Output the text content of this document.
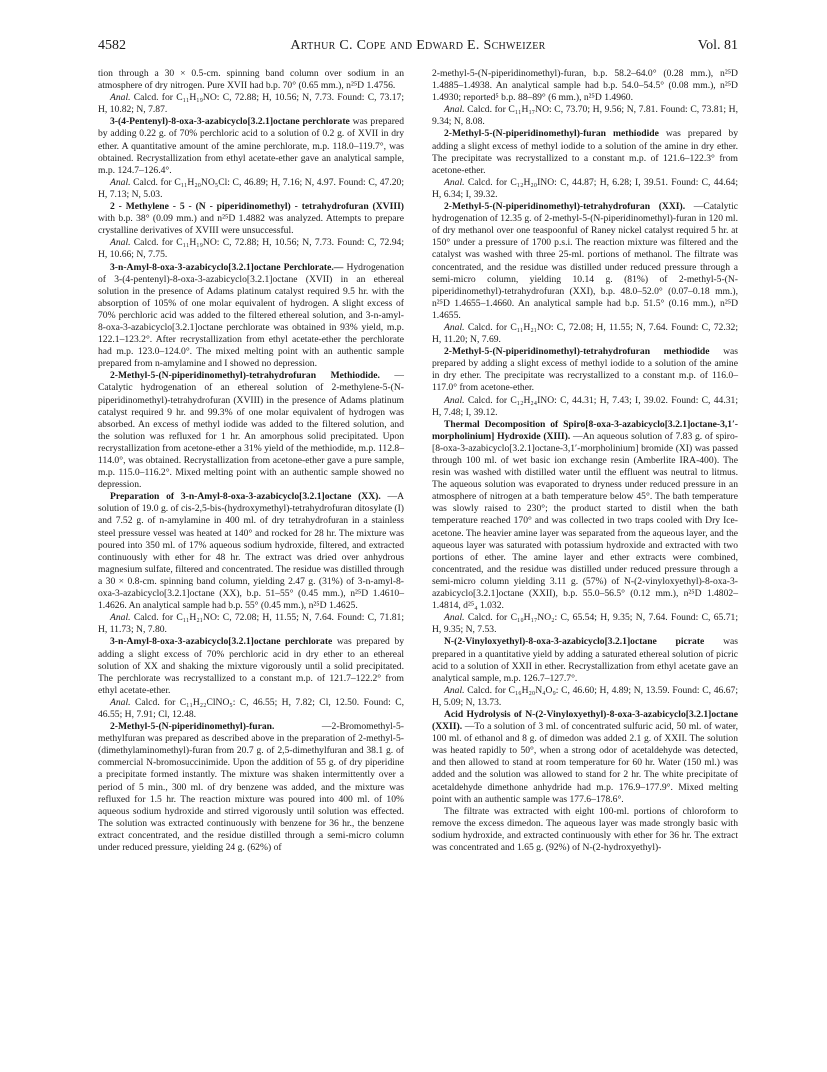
4582	Arthur C. Cope and Edward E. Schweizer	Vol. 81

tion through a 30 × 0.5-cm. spinning band column over sodium in an atmosphere of dry nitrogen. Pure XVII had b.p. 70° (0.65 mm.), n²⁵D 1.4756.

Anal. Calcd. for C₁₁H₁₉NO: C, 72.88; H, 10.56; N, 7.73. Found: C, 73.17; H, 10.82; N, 7.87.

3-(4-Pentenyl)-8-oxa-3-azabicyclo[3.2.1]octane perchlorate was prepared by adding 0.22 g. of 70% perchloric acid to a solution of 0.2 g. of XVII in dry ether. A quantitative amount of the amine perchlorate, m.p. 118.0–119.7°, was obtained. Recrystallization from ethyl acetate-ether gave an analytical sample, m.p. 124.7–126.4°.

Anal. Calcd. for C₁₁H₂₀NO₅Cl: C, 46.89; H, 7.16; N, 4.97. Found: C, 47.20; H, 7.13; N, 5.03.

2 - Methylene - 5 - (N - piperidinomethyl) - tetrahydrofuran (XVIII) with b.p. 38° (0.09 mm.) and n²⁵D 1.4882 was analyzed. Attempts to prepare crystalline derivatives of XVIII were unsuccessful.

Anal. Calcd. for C₁₁H₁₉NO: C, 72.88; H, 10.56; N, 7.73. Found: C, 72.94; H, 10.66; N, 7.75.

3-n-Amyl-8-oxa-3-azabicyclo[3.2.1]octane Perchlorate.— Hydrogenation of 3-(4-pentenyl)-8-oxa-3-azabicyclo[3.2.1]octane (XVII) in an ethereal solution in the presence of Adams platinum catalyst required 9.5 hr. with the absorption of 105% of one molar equivalent of hydrogen. A slight excess of 70% perchloric acid was added to the filtered ethereal solution, and 3-n-amyl-8-oxa-3-azabicyclo[3.2.1]octane perchlorate was obtained in 93% yield, m.p. 122.1–123.2°. After recrystallization from ethyl acetate-ether the perchlorate had m.p. 123.0–124.0°. The mixed melting point with an authentic sample prepared from n-amylamine and I showed no depression.

2-Methyl-5-(N-piperidinomethyl)-tetrahydrofuran Methiodide. —Catalytic hydrogenation of an ethereal solution of 2-methylene-5-(N-piperidinomethyl)-tetrahydrofuran (XVIII) in the presence of Adams platinum catalyst required 9 hr. and 99.3% of one molar equivalent of hydrogen was absorbed. An excess of methyl iodide was added to the filtered solution, and the solution was refluxed for 1 hr. An amorphous solid precipitated. Upon recrystallization from acetone-ether a 31% yield of the methiodide, m.p. 112.8–114.0°, was obtained. Recrystallization from acetone-ether gave a pure sample, m.p. 115.0–116.2°. Mixed melting point with an authentic sample showed no depression.

Preparation of 3-n-Amyl-8-oxa-3-azabicyclo[3.2.1]octane (XX). —A solution of 19.0 g. of cis-2,5-bis-(hydroxymethyl)-tetrahydrofuran ditosylate (I) and 7.52 g. of n-amylamine in 400 ml. of dry tetrahydrofuran in a stainless steel pressure vessel was heated at 140° and rocked for 28 hr. The mixture was poured into 350 ml. of 17% aqueous sodium hydroxide, filtered, and extracted continuously with ether for 48 hr. The extract was dried over anhydrous magnesium sulfate, filtered and concentrated. The residue was distilled through a 30 × 0.8-cm. spinning band column, yielding 2.47 g. (31%) of 3-n-amyl-8-oxa-3-azabicyclo[3.2.1]octane (XX), b.p. 51–55° (0.45 mm.), n²⁵D 1.4610–1.4626. An analytical sample had b.p. 55° (0.45 mm.), n²⁵D 1.4625.

Anal. Calcd. for C₁₁H₂₁NO: C, 72.08; H, 11.55; N, 7.64. Found: C, 71.81; H, 11.73; N, 7.80.

3-n-Amyl-8-oxa-3-azabicyclo[3.2.1]octane perchlorate was prepared by adding a slight excess of 70% perchloric acid in dry ether to an ethereal solution of XX and shaking the mixture vigorously until a solid precipitated. The perchlorate was recrystallized to a constant m.p. of 121.7–122.2° from ethyl acetate-ether.

Anal. Calcd. for C₁₁H₂₂ClNO₅: C, 46.55; H, 7.82; Cl, 12.50. Found: C, 46.55; H, 7.91; Cl, 12.48.

2-Methyl-5-(N-piperidinomethyl)-furan.	—2-Bromomethyl-5-methylfuran was prepared as described above in the preparation of 2-methyl-5-(dimethylaminomethyl)-furan from 20.7 g. of 2,5-dimethylfuran and 38.1 g. of commercial N-bromosuccinimide. Upon the addition of 55 g. of dry piperidine a precipitate formed instantly. The mixture was shaken intermittently over a period of 5 min., 300 ml. of dry benzene was added, and the mixture was refluxed for 1.5 hr. The reaction mixture was poured into 400 ml. of 10% aqueous sodium hydroxide and stirred vigorously until solution was effected. The solution was extracted continuously with benzene for 36 hr., the benzene extract concentrated, and the residue distilled through a semi-micro column under reduced pressure, yielding 24 g. (62%) of

2-methyl-5-(N-piperidinomethyl)-furan, b.p. 58.2–64.0° (0.28 mm.), n²⁵D 1.4885–1.4938. An analytical sample had b.p. 54.0–54.5° (0.08 mm.), n²⁵D 1.4930; reported⁵ b.p. 88–89° (6 mm.), n²⁵D 1.4960.

Anal. Calcd. for C₁₁H₁₇NO: C, 73.70; H, 9.56; N, 7.81. Found: C, 73.81; H, 9.34; N, 8.08.

2-Methyl-5-(N-piperidinomethyl)-furan methiodide was prepared by adding a slight excess of methyl iodide to a solution of the amine in dry ether. The precipitate was recrystallized to a constant m.p. of 121.6–122.3° from acetone-ether.

Anal. Calcd. for C₁₂H₂₀INO: C, 44.87; H, 6.28; I, 39.51. Found: C, 44.64; H, 6.34; I, 39.32.

2-Methyl-5-(N-piperidinomethyl)-tetrahydrofuran (XXI). —Catalytic hydrogenation of 12.35 g. of 2-methyl-5-(N-piperidinomethyl)-furan in 120 ml. of dry methanol over one teaspoonful of Raney nickel catalyst required 5 hr. at 150° under a pressure of 1700 p.s.i. The reaction mixture was filtered and the catalyst was washed with three 25-ml. portions of methanol. The filtrate was concentrated, and the residue was distilled under reduced pressure through a semi-micro column, yielding 10.14 g. (81%) of 2-methyl-5-(N-piperidinomethyl)-tetrahydrofuran (XXI), b.p. 48.0–52.0° (0.07–0.18 mm.), n²⁵D 1.4655–1.4660. An analytical sample had b.p. 51.5° (0.16 mm.), n²⁵D 1.4655.

Anal. Calcd. for C₁₁H₂₁NO: C, 72.08; H, 11.55; N, 7.64. Found: C, 72.32; H, 11.20; N, 7.69.

2-Methyl-5-(N-piperidinomethyl)-tetrahydrofuran methiodide was prepared by adding a slight excess of methyl iodide to a solution of the amine in dry ether. The precipitate was recrystallized to a constant m.p. of 116.0–117.0° from acetone-ether.

Anal. Calcd. for C₁₂H₂₄INO: C, 44.31; H, 7.43; I, 39.02. Found: C, 44.31; H, 7.48; I, 39.12.

Thermal Decomposition of Spiro[8-oxa-3-azabicyclo[3.2.1]octane-3,1′-morpholinium] Hydroxide (XIII). —An aqueous solution of 7.83 g. of spiro-[8-oxa-3-azabicyclo[3.2.1]octane-3,1′-morpholinium] bromide (XI) was passed through 100 ml. of wet basic ion exchange resin (Amberlite IRA-400). The resin was washed with distilled water until the effluent was neutral to litmus. The aqueous solution was evaporated to dryness under reduced pressure in an atmosphere of nitrogen at a bath temperature below 45°. The bath temperature was slowly raised to 230°; the product started to distil when the bath temperature reached 170° and was collected in two traps cooled with Dry Ice-acetone. The heavier amine layer was separated from the aqueous layer, and the aqueous layer was saturated with potassium hydroxide and extracted with two portions of ether. The amine layer and ether extracts were combined, concentrated, and the residue was distilled under reduced pressure through a semi-micro column yielding 3.11 g. (57%) of N-(2-vinyloxyethyl)-8-oxa-3-azabicyclo[3.2.1]octane (XXII), b.p. 55.0–56.5° (0.12 mm.), n²⁵D 1.4802–1.4814, d²⁵₄ 1.032.

Anal. Calcd. for C₁₀H₁₇NO₂: C, 65.54; H, 9.35; N, 7.64. Found: C, 65.71; H, 9.35; N, 7.53.

N-(2-Vinyloxyethyl)-8-oxa-3-azabicyclo[3.2.1]octane picrate was prepared in a quantitative yield by adding a saturated ethereal solution of picric acid to a solution of XXII in ether. Recrystallization from ethyl acetate gave an analytical sample, m.p. 126.7–127.7°.

Anal. Calcd. for C₁₆H₂₀N₄O₉: C, 46.60; H, 4.89; N, 13.59. Found: C, 46.67; H, 5.09; N, 13.73.

Acid Hydrolysis of N-(2-Vinyloxyethyl)-8-oxa-3-azabicyclo[3.2.1]octane (XXII). —To a solution of 3 ml. of concentrated sulfuric acid, 50 ml. of water, 100 ml. of ethanol and 8 g. of dimedon was added 2.1 g. of XXII. The solution was heated rapidly to 50°, when a strong odor of acetaldehyde was detected, and then allowed to stand at room temperature for 60 hr. Water (150 ml.) was added and the solution was allowed to stand for 2 hr. The white precipitate of acetaldehyde dimethone anhydride had m.p. 176.9–177.9°. Mixed melting point with an authentic sample was 177.6–178.6°.

The filtrate was extracted with eight 100-ml. portions of chloroform to remove the excess dimedon. The aqueous layer was made strongly basic with sodium hydroxide, and extracted continuously with ether for 36 hr. The extract was concentrated and 1.65 g. (92%) of N-(2-hydroxyethyl)-
